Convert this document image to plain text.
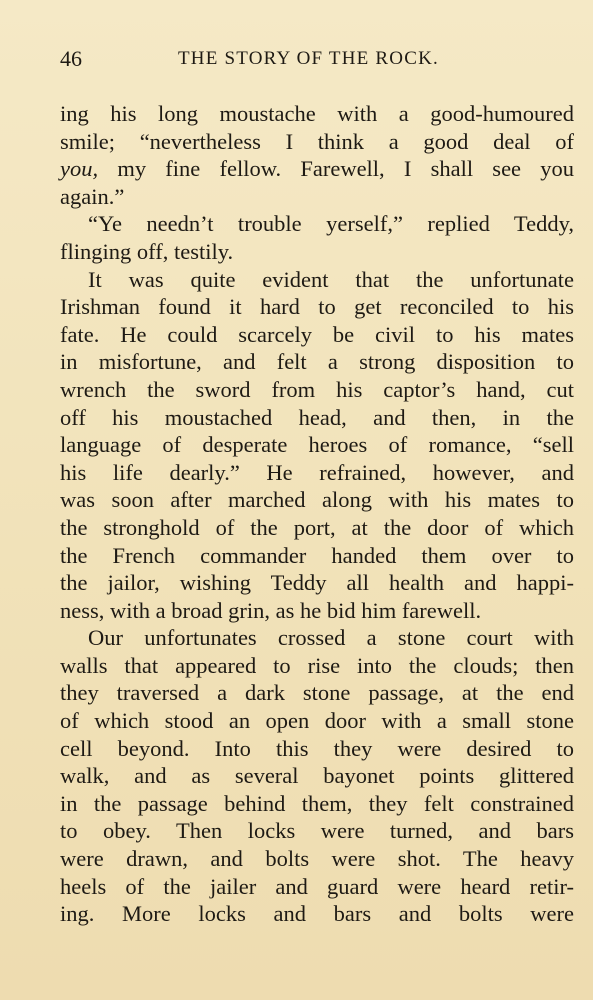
46	THE STORY OF THE ROCK.
ing his long moustache with a good-humoured
smile; “nevertheless I think a good deal of
you, my fine fellow. Farewell, I shall see you
again.”
“Ye needn’t trouble yerself,” replied Teddy,
flinging off, testily.
It was quite evident that the unfortunate
Irishman found it hard to get reconciled to his
fate. He could scarcely be civil to his mates
in misfortune, and felt a strong disposition to
wrench the sword from his captor’s hand, cut
off his moustached head, and then, in the
language of desperate heroes of romance, “sell
his life dearly.” He refrained, however, and
was soon after marched along with his mates to
the stronghold of the port, at the door of which
the French commander handed them over to
the jailor, wishing Teddy all health and happi-
ness, with a broad grin, as he bid him farewell.
Our unfortunates crossed a stone court with
walls that appeared to rise into the clouds; then
they traversed a dark stone passage, at the end
of which stood an open door with a small stone
cell beyond. Into this they were desired to
walk, and as several bayonet points glittered
in the passage behind them, they felt constrained
to obey. Then locks were turned, and bars
were drawn, and bolts were shot. The heavy
heels of the jailer and guard were heard retir-
ing. More locks and bars and bolts were
